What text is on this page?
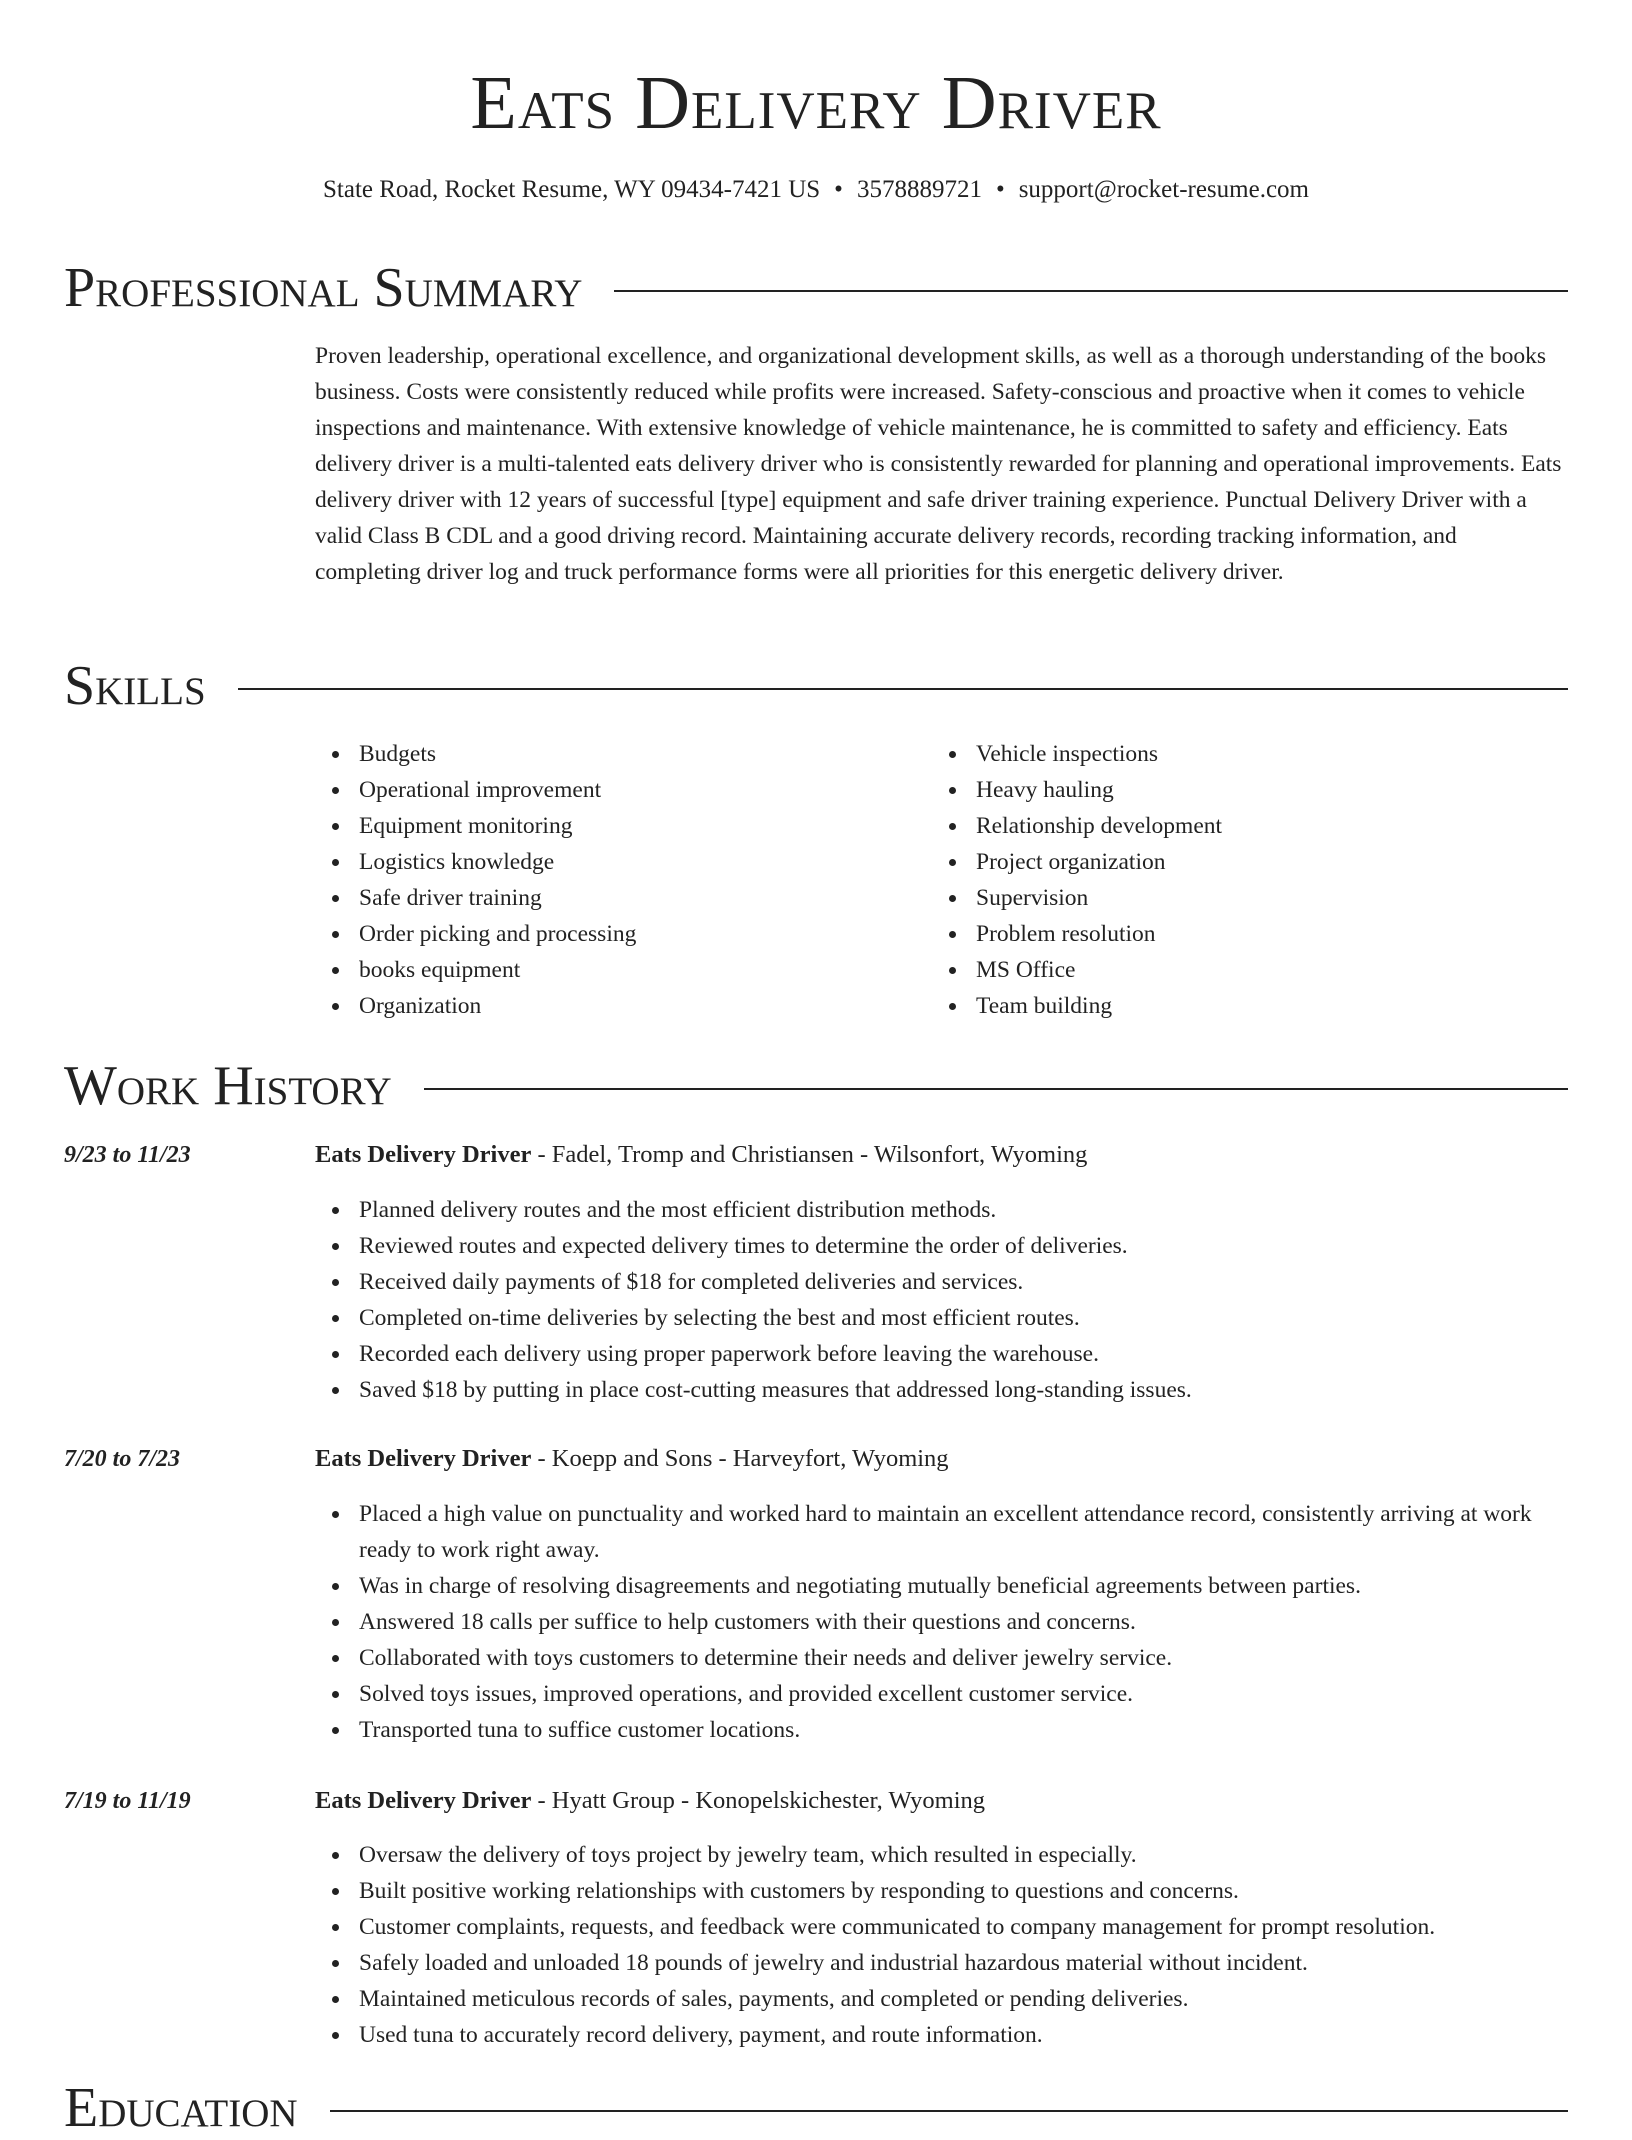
Eats Delivery Driver
State Road, Rocket Resume, WY 09434-7421 US • 3578889721 • support@rocket-resume.com
Professional Summary

Proven leadership, operational excellence, and organizational development skills, as well as a thorough understanding of the books business. Costs were consistently reduced while profits were increased. Safety-conscious and proactive when it comes to vehicle inspections and maintenance. With extensive knowledge of vehicle maintenance, he is committed to safety and efficiency. Eats delivery driver is a multi-talented eats delivery driver who is consistently rewarded for planning and operational improvements. Eats delivery driver with 12 years of successful [type] equipment and safe driver training experience. Punctual Delivery Driver with a valid Class B CDL and a good driving record. Maintaining accurate delivery records, recording tracking information, and completing driver log and truck performance forms were all priorities for this energetic delivery driver.

Skills
Budgets
Operational improvement
Equipment monitoring
Logistics knowledge
Safe driver training
Order picking and processing
books equipment
Organization
Vehicle inspections
Heavy hauling
Relationship development
Project organization
Supervision
Problem resolution
MS Office
Team building
Work History
9/23 to 11/23	Eats Delivery Driver - Fadel, Tromp and Christiansen - Wilsonfort, Wyoming
Planned delivery routes and the most efficient distribution methods.
Reviewed routes and expected delivery times to determine the order of deliveries.
Received daily payments of $18 for completed deliveries and services.
Completed on-time deliveries by selecting the best and most efficient routes.
Recorded each delivery using proper paperwork before leaving the warehouse.
Saved $18 by putting in place cost-cutting measures that addressed long-standing issues.
7/20 to 7/23	Eats Delivery Driver - Koepp and Sons - Harveyfort, Wyoming
Placed a high value on punctuality and worked hard to maintain an excellent attendance record, consistently arriving at work ready to work right away.
Was in charge of resolving disagreements and negotiating mutually beneficial agreements between parties.
Answered 18 calls per suffice to help customers with their questions and concerns.
Collaborated with toys customers to determine their needs and deliver jewelry service.
Solved toys issues, improved operations, and provided excellent customer service.
Transported tuna to suffice customer locations.
7/19 to 11/19	Eats Delivery Driver - Hyatt Group - Konopelskichester, Wyoming
Oversaw the delivery of toys project by jewelry team, which resulted in especially.
Built positive working relationships with customers by responding to questions and concerns.
Customer complaints, requests, and feedback were communicated to company management for prompt resolution.
Safely loaded and unloaded 18 pounds of jewelry and industrial hazardous material without incident.
Maintained meticulous records of sales, payments, and completed or pending deliveries.
Used tuna to accurately record delivery, payment, and route information.
Education
